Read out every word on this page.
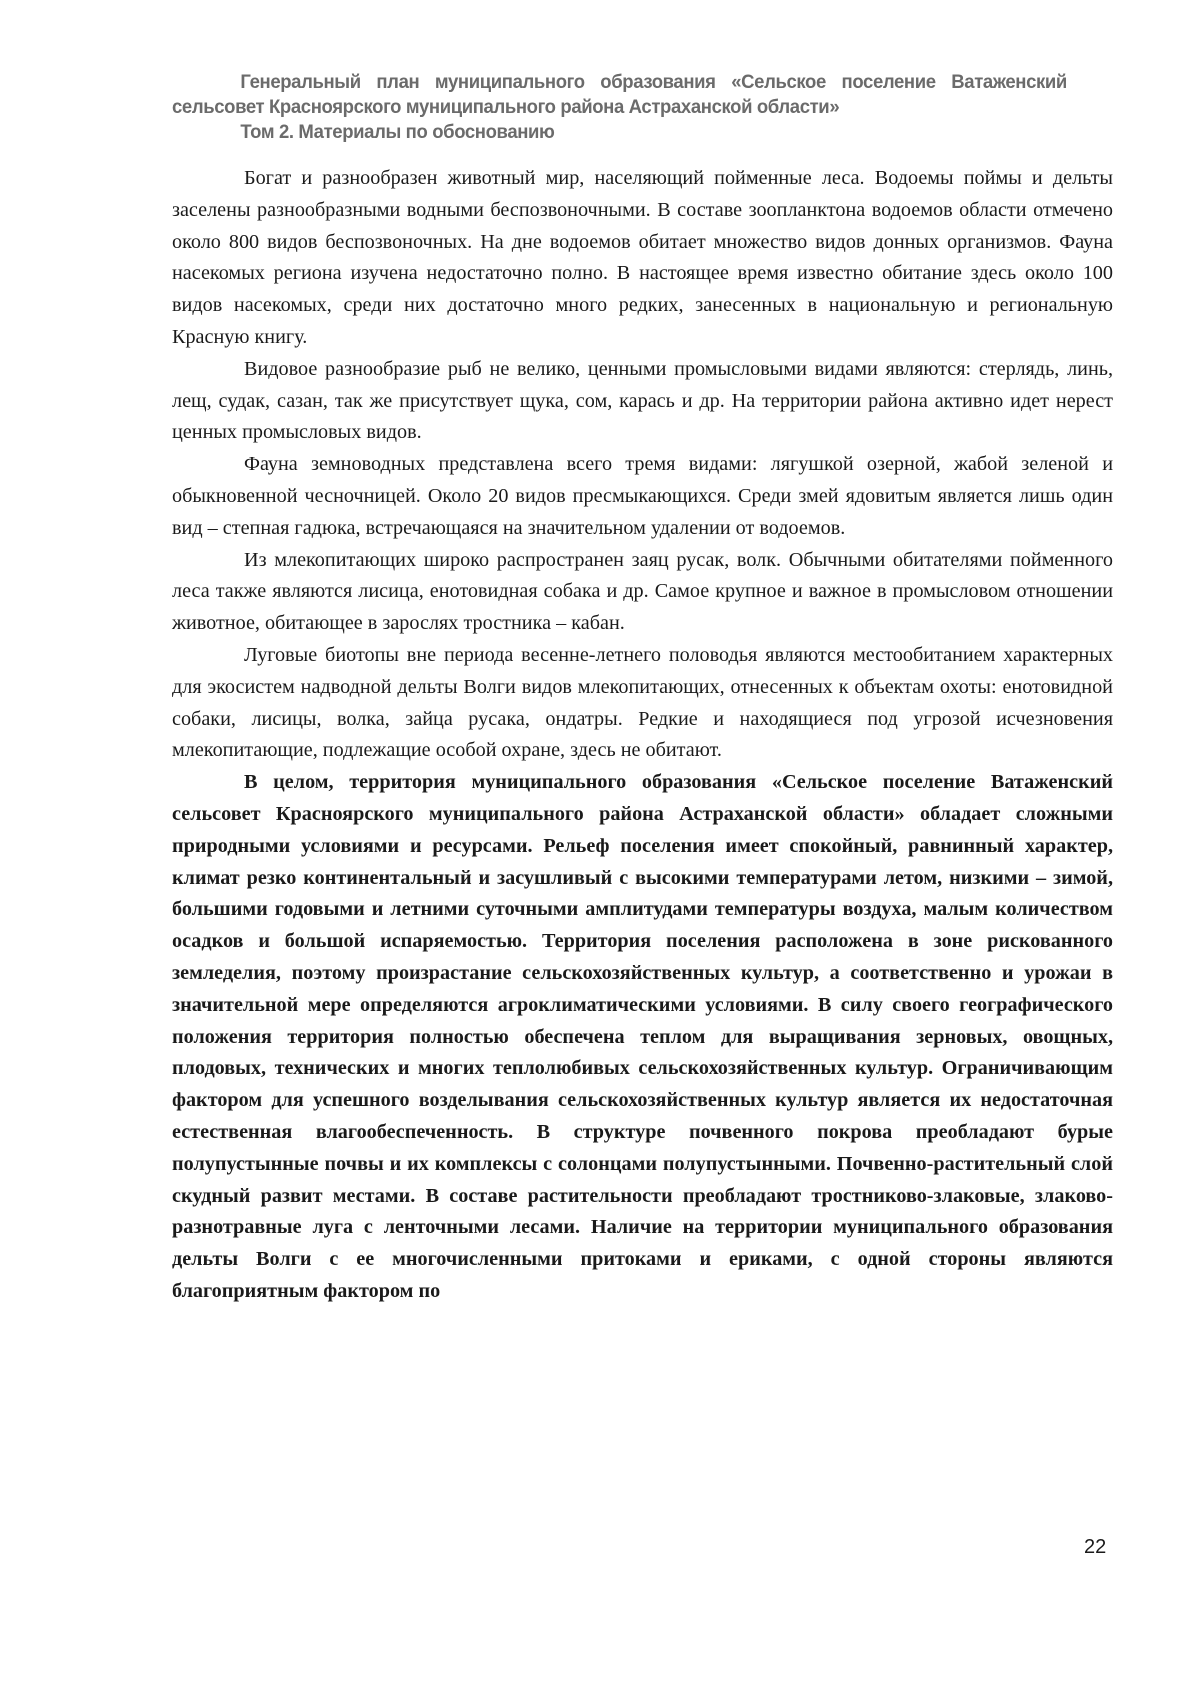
Генеральный план муниципального образования «Сельское поселение Ватаженский
сельсовет Красноярского муниципального района Астраханской области»
Том 2. Материалы по обоснованию

Богат и разнообразен животный мир, населяющий пойменные леса. Водоемы поймы и дельты заселены разнообразными водными беспозвоночными. В составе зоопланктона водоемов области отмечено около 800 видов беспозвоночных. На дне водоемов обитает множество видов донных организмов. Фауна насекомых региона изучена недостаточно полно. В настоящее время известно обитание здесь около 100 видов насекомых, среди них достаточно много редких, занесенных в национальную и региональную Красную книгу.

Видовое разнообразие рыб не велико, ценными промысловыми видами являются: стерлядь, линь, лещ, судак, сазан, так же присутствует щука, сом, карась и др. На территории района активно идет нерест ценных промысловых видов.

Фауна земноводных представлена всего тремя видами: лягушкой озерной, жабой зеленой и обыкновенной чесночницей. Около 20 видов пресмыкающихся. Среди змей ядовитым является лишь один вид – степная гадюка, встречающаяся на значительном удалении от водоемов.

Из млекопитающих широко распространен заяц русак, волк. Обычными обитателями пойменного леса также являются лисица, енотовидная собака и др. Самое крупное и важное в промысловом отношении животное, обитающее в зарослях тростника – кабан.

Луговые биотопы вне периода весенне-летнего половодья являются местообитанием характерных для экосистем надводной дельты Волги видов млекопитающих, отнесенных к объектам охоты: енотовидной собаки, лисицы, волка, зайца русака, ондатры. Редкие и находящиеся под угрозой исчезновения млекопитающие, подлежащие особой охране, здесь не обитают.

В целом, территория муниципального образования «Сельское поселение Ватаженский сельсовет Красноярского муниципального района Астраханской области» обладает сложными природными условиями и ресурсами. Рельеф поселения имеет спокойный, равнинный характер, климат резко континентальный и засушливый с высокими температурами летом, низкими – зимой, большими годовыми и летними суточными амплитудами температуры воздуха, малым количеством осадков и большой испаряемостью. Территория поселения расположена в зоне рискованного земледелия, поэтому произрастание сельскохозяйственных культур, а соответственно и урожаи в значительной мере определяются агроклиматическими условиями. В силу своего географического положения территория полностью обеспечена теплом для выращивания зерновых, овощных, плодовых, технических и многих теплолюбивых сельскохозяйственных культур. Ограничивающим фактором для успешного возделывания сельскохозяйственных культур является их недостаточная естественная влагообеспеченность. В структуре почвенного покрова преобладают бурые полупустынные почвы и их комплексы с солонцами полупустынными. Почвенно-растительный слой скудный развит местами. В составе растительности преобладают тростниково-злаковые, злаково-разнотравные луга с ленточными лесами. Наличие на территории муниципального образования дельты Волги с ее многочисленными притоками и ериками, с одной стороны являются благоприятным фактором по

22
